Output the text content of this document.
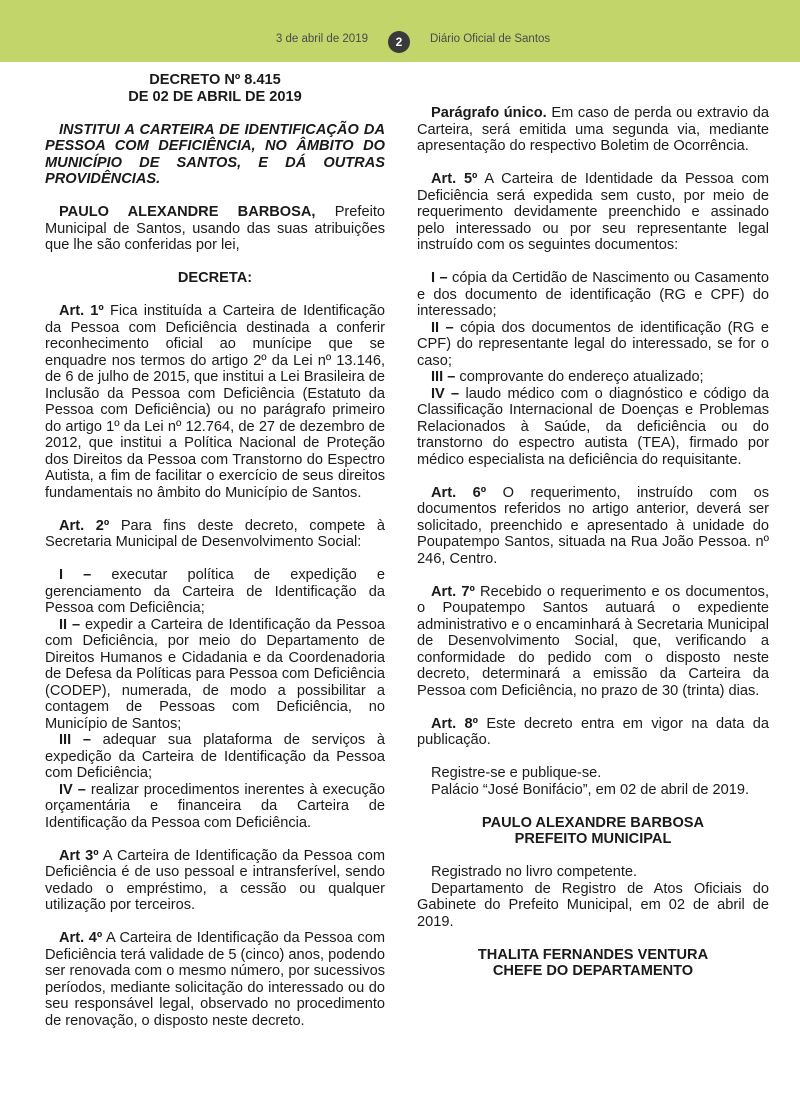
3 de abril de 2019	2	Diário Oficial de Santos

DECRETO Nº 8.415

DE 02 DE ABRIL DE 2019

INSTITUI A CARTEIRA DE IDENTIFICAÇÃO DA PESSOA COM DEFICIÊNCIA, NO ÂMBITO DO MUNICÍPIO DE SANTOS, E DÁ OUTRAS PROVIDÊNCIAS.

PAULO ALEXANDRE BARBOSA, Prefeito Municipal de Santos, usando das suas atribuições que lhe são conferidas por lei,

DECRETA:

Art. 1º Fica instituída a Carteira de Identificação da Pessoa com Deficiência destinada a conferir reconhecimento oficial ao munícipe que se enquadre nos termos do artigo 2º da Lei nº 13.146, de 6 de julho de 2015, que institui a Lei Brasileira de Inclusão da Pessoa com Deficiência (Estatuto da Pessoa com Deficiência) ou no parágrafo primeiro do artigo 1º da Lei nº 12.764, de 27 de dezembro de 2012, que institui a Política Nacional de Proteção dos Direitos da Pessoa com Transtorno do Espectro Autista, a fim de facilitar o exercício de seus direitos fundamentais no âmbito do Município de Santos.

Art. 2º Para fins deste decreto, compete à Secretaria Municipal de Desenvolvimento Social:

I – executar política de expedição e gerenciamento da Carteira de Identificação da Pessoa com Deficiência;

II – expedir a Carteira de Identificação da Pessoa com Deficiência, por meio do Departamento de Direitos Humanos e Cidadania e da Coordenadoria de Defesa da Políticas para Pessoa com Deficiência (CODEP), numerada, de modo a possibilitar a contagem de Pessoas com Deficiência, no Município de Santos;

III – adequar sua plataforma de serviços à expedição da Carteira de Identificação da Pessoa com Deficiência;

IV – realizar procedimentos inerentes à execução orçamentária e financeira da Carteira de Identificação da Pessoa com Deficiência.

Art 3º A Carteira de Identificação da Pessoa com Deficiência é de uso pessoal e intransferível, sendo vedado o empréstimo, a cessão ou qualquer utilização por terceiros.

Art. 4º A Carteira de Identificação da Pessoa com Deficiência terá validade de 5 (cinco) anos, podendo ser renovada com o mesmo número, por sucessivos períodos, mediante solicitação do interessado ou do seu responsável legal, observado no procedimento de renovação, o disposto neste decreto.

Parágrafo único. Em caso de perda ou extravio da Carteira, será emitida uma segunda via, mediante apresentação do respectivo Boletim de Ocorrência.

Art. 5º A Carteira de Identidade da Pessoa com Deficiência será expedida sem custo, por meio de requerimento devidamente preenchido e assinado pelo interessado ou por seu representante legal instruído com os seguintes documentos:

I – cópia da Certidão de Nascimento ou Casamento e dos documento de identificação (RG e CPF) do interessado;

II – cópia dos documentos de identificação (RG e CPF) do representante legal do interessado, se for o caso;

III – comprovante do endereço atualizado;

IV – laudo médico com o diagnóstico e código da Classificação Internacional de Doenças e Problemas Relacionados à Saúde, da deficiência ou do transtorno do espectro autista (TEA), firmado por médico especialista na deficiência do requisitante.

Art. 6º O requerimento, instruído com os documentos referidos no artigo anterior, deverá ser solicitado, preenchido e apresentado à unidade do Poupatempo Santos, situada na Rua João Pessoa. nº 246, Centro.

Art. 7º Recebido o requerimento e os documentos, o Poupatempo Santos autuará o expediente administrativo e o encaminhará à Secretaria Municipal de Desenvolvimento Social, que, verificando a conformidade do pedido com o disposto neste decreto, determinará a emissão da Carteira da Pessoa com Deficiência, no prazo de 30 (trinta) dias.

Art. 8º Este decreto entra em vigor na data da publicação.

Registre-se e publique-se.

Palácio “José Bonifácio”, em 02 de abril de 2019.

PAULO ALEXANDRE BARBOSA

PREFEITO MUNICIPAL

Registrado no livro competente.

Departamento de Registro de Atos Oficiais do Gabinete do Prefeito Municipal, em 02 de abril de 2019.

THALITA FERNANDES VENTURA

CHEFE DO DEPARTAMENTO
